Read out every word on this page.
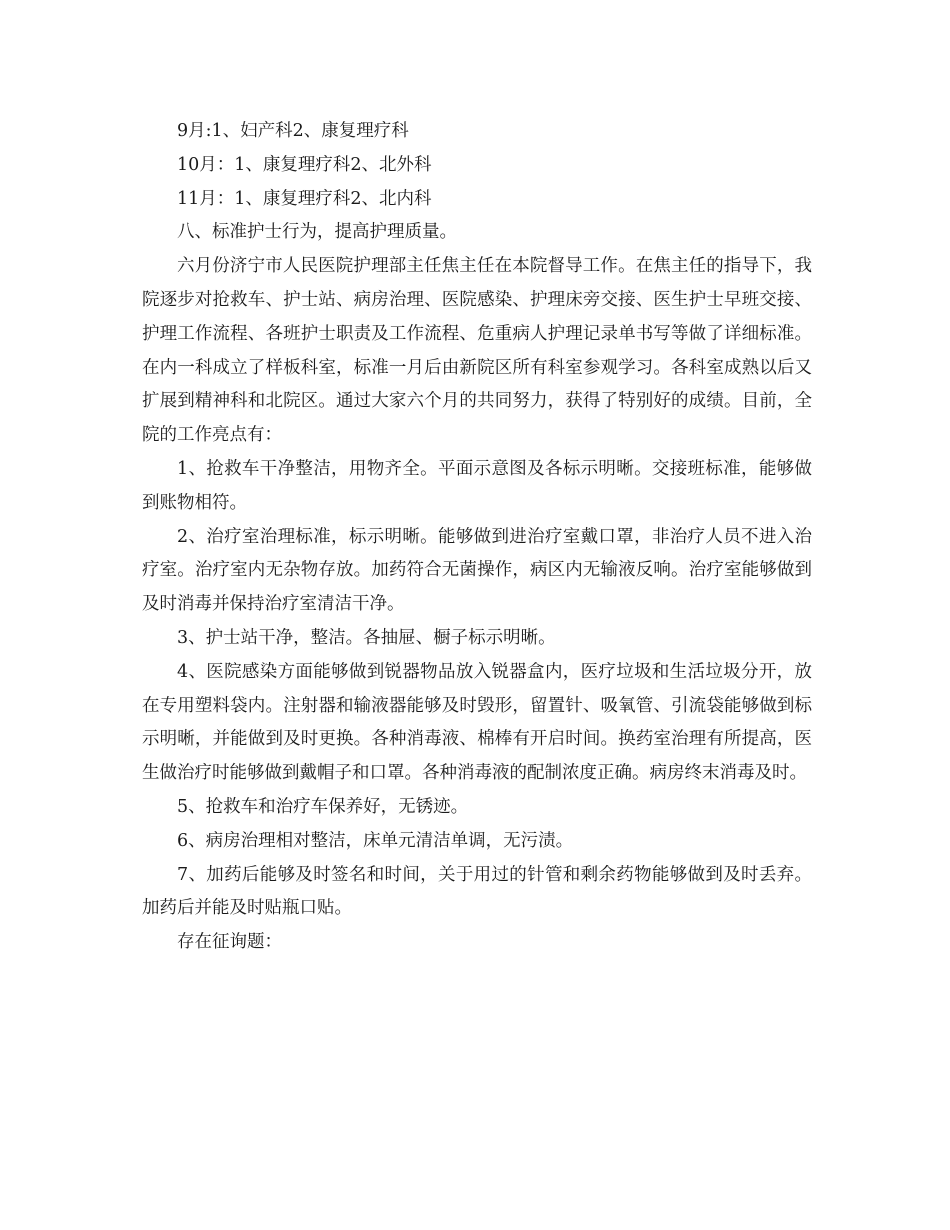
9月:1、妇产科2、康复理疗科

10月：1、康复理疗科2、北外科

11月：1、康复理疗科2、北内科

八、标准护士行为，提高护理质量。

六月份济宁市人民医院护理部主任焦主任在本院督导工作。在焦主任的指导下，我院逐步对抢救车、护士站、病房治理、医院感染、护理床旁交接、医生护士早班交接、护理工作流程、各班护士职责及工作流程、危重病人护理记录单书写等做了详细标准。在内一科成立了样板科室，标准一月后由新院区所有科室参观学习。各科室成熟以后又扩展到精神科和北院区。通过大家六个月的共同努力，获得了特别好的成绩。目前，全院的工作亮点有：

1、抢救车干净整洁，用物齐全。平面示意图及各标示明晰。交接班标准，能够做到账物相符。

2、治疗室治理标准，标示明晰。能够做到进治疗室戴口罩，非治疗人员不进入治疗室。治疗室内无杂物存放。加药符合无菌操作，病区内无输液反响。治疗室能够做到及时消毒并保持治疗室清洁干净。

3、护士站干净，整洁。各抽屉、橱子标示明晰。

4、医院感染方面能够做到锐器物品放入锐器盒内，医疗垃圾和生活垃圾分开，放在专用塑料袋内。注射器和输液器能够及时毁形，留置针、吸氧管、引流袋能够做到标示明晰，并能做到及时更换。各种消毒液、棉棒有开启时间。换药室治理有所提高，医生做治疗时能够做到戴帽子和口罩。各种消毒液的配制浓度正确。病房终末消毒及时。

5、抢救车和治疗车保养好，无锈迹。

6、病房治理相对整洁，床单元清洁单调，无污渍。

7、加药后能够及时签名和时间，关于用过的针管和剩余药物能够做到及时丢弃。加药后并能及时贴瓶口贴。

存在征询题：
